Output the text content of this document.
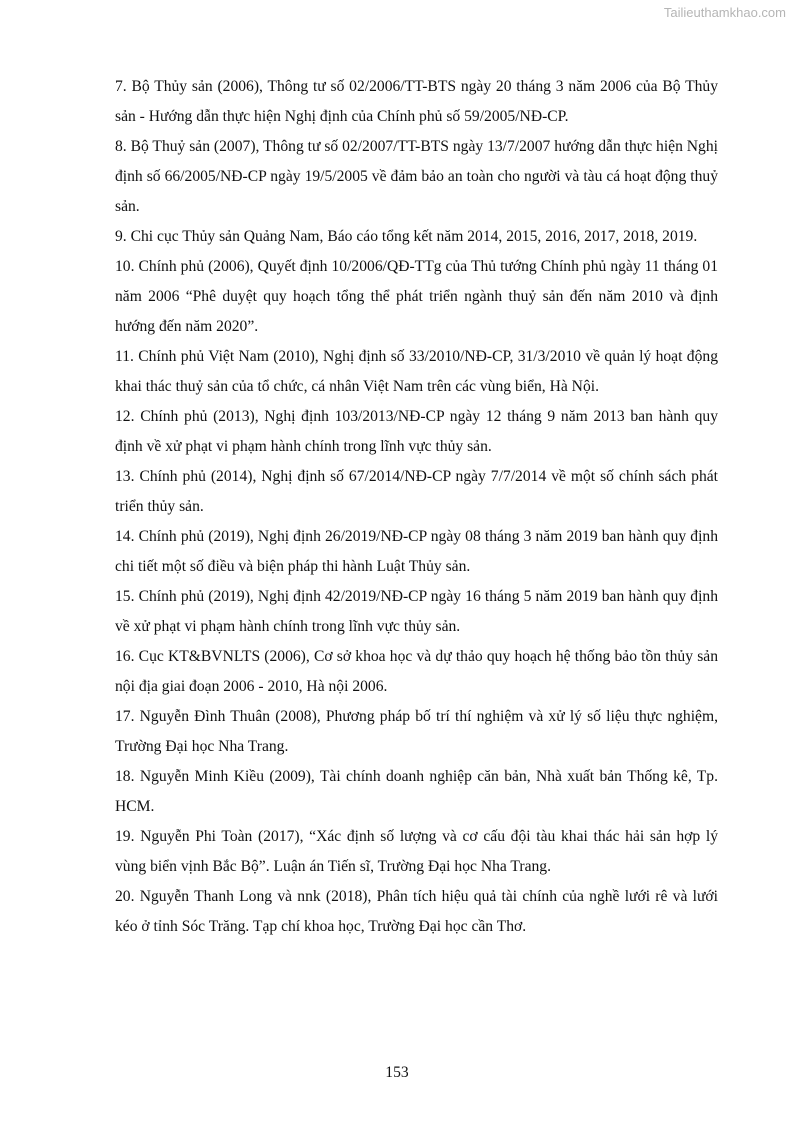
Tailieuthamkhao.com

7. Bộ Thủy sản (2006), Thông tư số 02/2006/TT-BTS ngày 20 tháng 3 năm 2006 của Bộ Thủy sản - Hướng dẫn thực hiện Nghị định của Chính phủ số 59/2005/NĐ-CP.

8. Bộ Thuỷ sản (2007), Thông tư số 02/2007/TT-BTS ngày 13/7/2007 hướng dẫn thực hiện Nghị định số 66/2005/NĐ-CP ngày 19/5/2005 về đảm bảo an toàn cho người và tàu cá hoạt động thuỷ sản.

9. Chi cục Thủy sản Quảng Nam, Báo cáo tổng kết năm 2014, 2015, 2016, 2017, 2018, 2019.

10. Chính phủ (2006), Quyết định 10/2006/QĐ-TTg của Thủ tướng Chính phủ ngày 11 tháng 01 năm 2006 “Phê duyệt quy hoạch tổng thể phát triển ngành thuỷ sản đến năm 2010 và định hướng đến năm 2020”.

11. Chính phủ Việt Nam (2010), Nghị định số 33/2010/NĐ-CP, 31/3/2010 về quản lý hoạt động khai thác thuỷ sản của tổ chức, cá nhân Việt Nam trên các vùng biển, Hà Nội.

12. Chính phủ (2013), Nghị định 103/2013/NĐ-CP ngày 12 tháng 9 năm 2013 ban hành quy định về xử phạt vi phạm hành chính trong lĩnh vực thủy sản.

13. Chính phủ (2014), Nghị định số 67/2014/NĐ-CP ngày 7/7/2014 về một số chính sách phát triển thủy sản.

14. Chính phủ (2019), Nghị định 26/2019/NĐ-CP ngày 08 tháng 3 năm 2019 ban hành quy định chi tiết một số điều và biện pháp thi hành Luật Thủy sản.

15. Chính phủ (2019), Nghị định 42/2019/NĐ-CP ngày 16 tháng 5 năm 2019 ban hành quy định về xử phạt vi phạm hành chính trong lĩnh vực thủy sản.

16. Cục KT&BVNLTS (2006), Cơ sở khoa học và dự thảo quy hoạch hệ thống bảo tồn thủy sản nội địa giai đoạn 2006 - 2010, Hà nội 2006.

17. Nguyễn Đình Thuân (2008), Phương pháp bố trí thí nghiệm và xử lý số liệu thực nghiệm, Trường Đại học Nha Trang.

18. Nguyễn Minh Kiều (2009), Tài chính doanh nghiệp căn bản, Nhà xuất bản Thống kê, Tp. HCM.

19. Nguyễn Phi Toàn (2017), “Xác định số lượng và cơ cấu đội tàu khai thác hải sản hợp lý vùng biển vịnh Bắc Bộ”. Luận án Tiến sĩ, Trường Đại học Nha Trang.

20. Nguyễn Thanh Long và nnk (2018), Phân tích hiệu quả tài chính của nghề lưới rê và lưới kéo ở tỉnh Sóc Trăng. Tạp chí khoa học, Trường Đại học cần Thơ.

153
